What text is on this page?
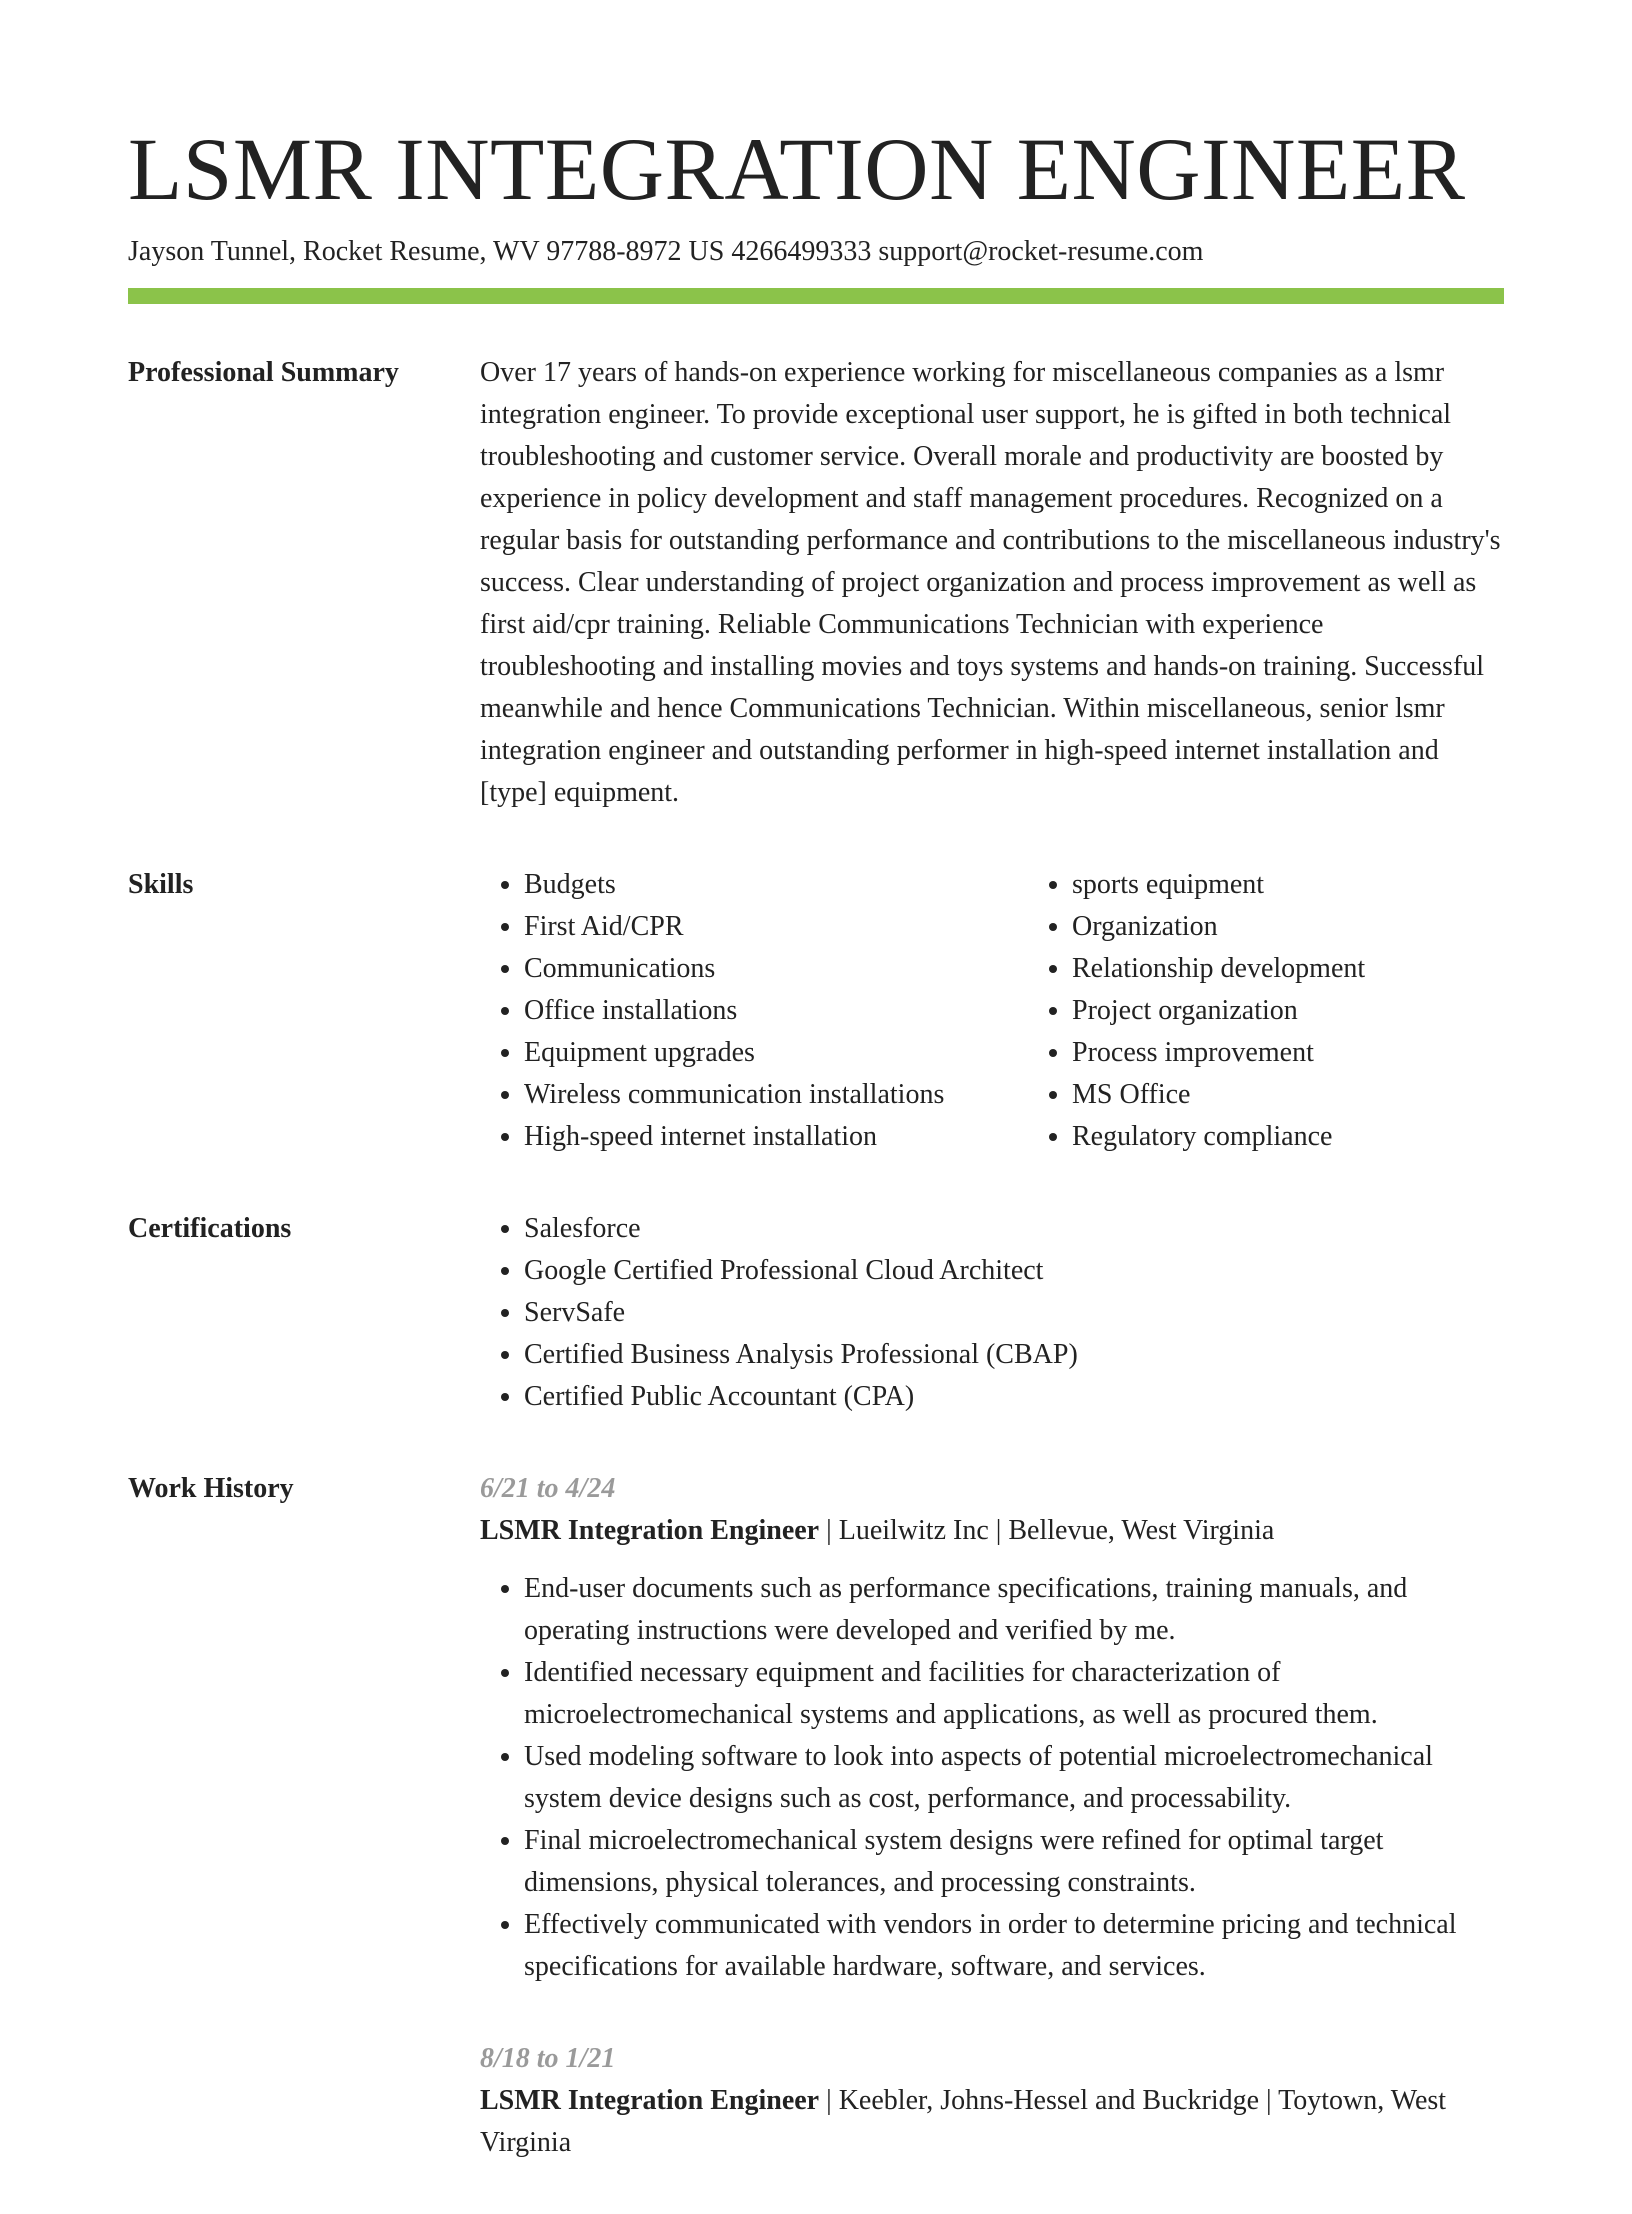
LSMR INTEGRATION ENGINEER
Jayson Tunnel, Rocket Resume, WV 97788-8972 US 4266499333 support@rocket-resume.com
Professional Summary	Over 17 years of hands-on experience working for miscellaneous companies as a lsmr integration engineer. To provide exceptional user support, he is gifted in both technical troubleshooting and customer service. Overall morale and productivity are boosted by experience in policy development and staff management procedures. Recognized on a regular basis for outstanding performance and contributions to the miscellaneous industry's success. Clear understanding of project organization and process improvement as well as first aid/cpr training. Reliable Communications Technician with experience troubleshooting and installing movies and toys systems and hands-on training. Successful meanwhile and hence Communications Technician. Within miscellaneous, senior lsmr integration engineer and outstanding performer in high-speed internet installation and [type] equipment.

Skills	• Budgets
• First Aid/CPR
• Communications
• Office installations
• Equipment upgrades
• Wireless communication installations
• High-speed internet installation
• sports equipment
• Organization
• Relationship development
• Project organization
• Process improvement
• MS Office
• Regulatory compliance
Certifications	• Salesforce
• Google Certified Professional Cloud Architect
• ServSafe
• Certified Business Analysis Professional (CBAP)
• Certified Public Accountant (CPA)
Work History	6/21 to 4/24
LSMR Integration Engineer | Lueilwitz Inc | Bellevue, West Virginia
• End-user documents such as performance specifications, training manuals, and operating instructions were developed and verified by me.
• Identified necessary equipment and facilities for characterization of microelectromechanical systems and applications, as well as procured them.
• Used modeling software to look into aspects of potential microelectromechanical system device designs such as cost, performance, and processability.
• Final microelectromechanical system designs were refined for optimal target dimensions, physical tolerances, and processing constraints.
• Effectively communicated with vendors in order to determine pricing and technical specifications for available hardware, software, and services.
8/18 to 1/21
LSMR Integration Engineer | Keebler, Johns-Hessel and Buckridge | Toytown, West Virginia
